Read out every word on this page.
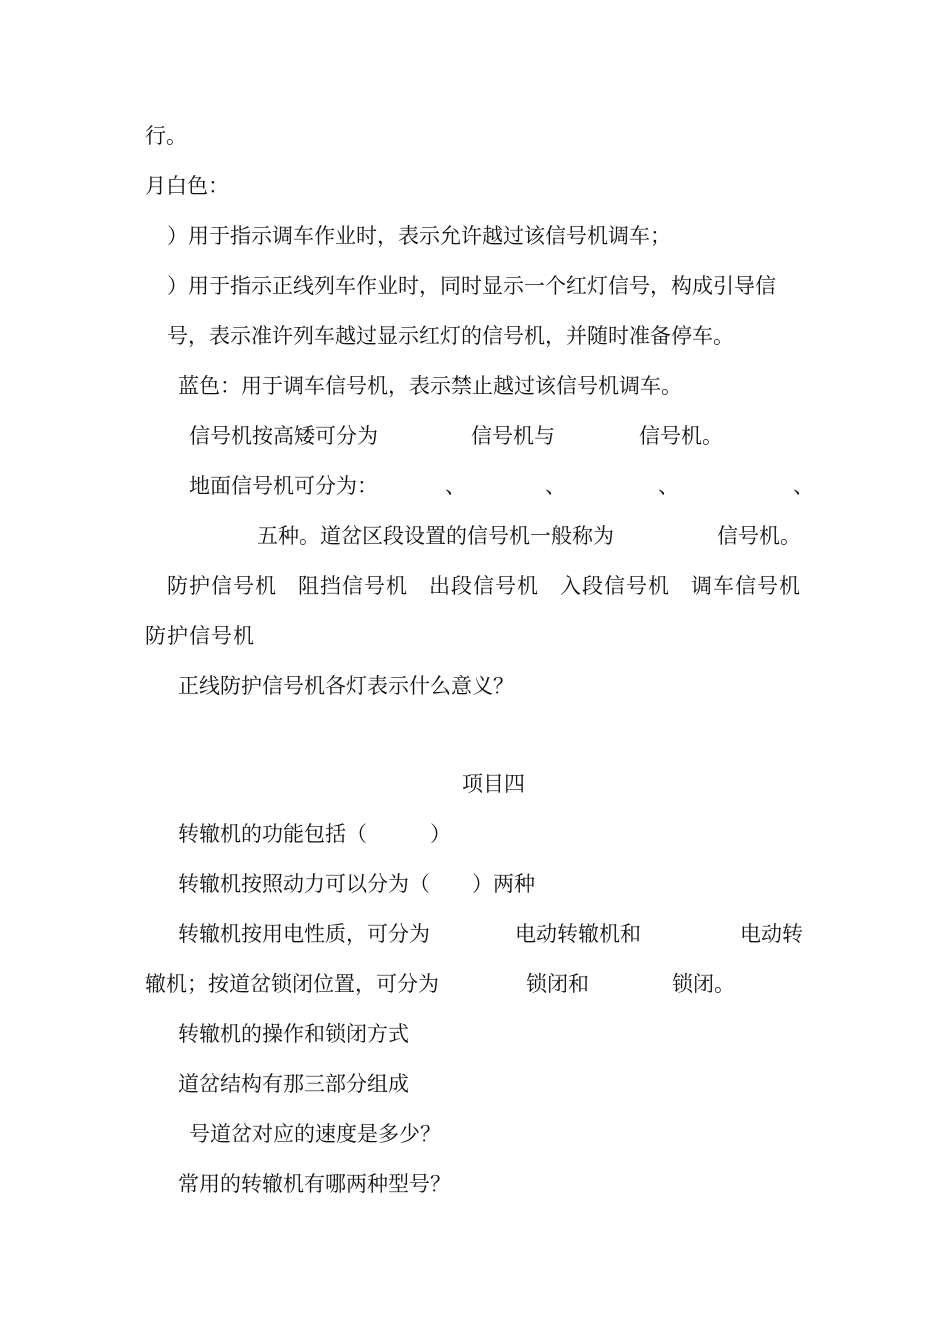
行。
月白色：
）用于指示调车作业时，表示允许越过该信号机调车；
）用于指示正线列车作业时，同时显示一个红灯信号，构成引导信
号，表示准许列车越过显示红灯的信号机，并随时准备停车。
蓝色：用于调车信号机，表示禁止越过该信号机调车。
信号机按高矮可分为	信号机与	信号机。
地面信号机可分为：	、	、	、	、
五种。道岔区段设置的信号机一般称为	信号机。
防护信号机 阻挡信号机 出段信号机 入段信号机 调车信号机
防护信号机
正线防护信号机各灯表示什么意义？
项目四
转辙机的功能包括（　　　）
转辙机按照动力可以分为（　　）两种
转辙机按用电性质，可分为	电动转辙机和	电动转
辙机；按道岔锁闭位置，可分为	锁闭和	锁闭。
转辙机的操作和锁闭方式
道岔结构有那三部分组成
号道岔对应的速度是多少？
常用的转辙机有哪两种型号？
